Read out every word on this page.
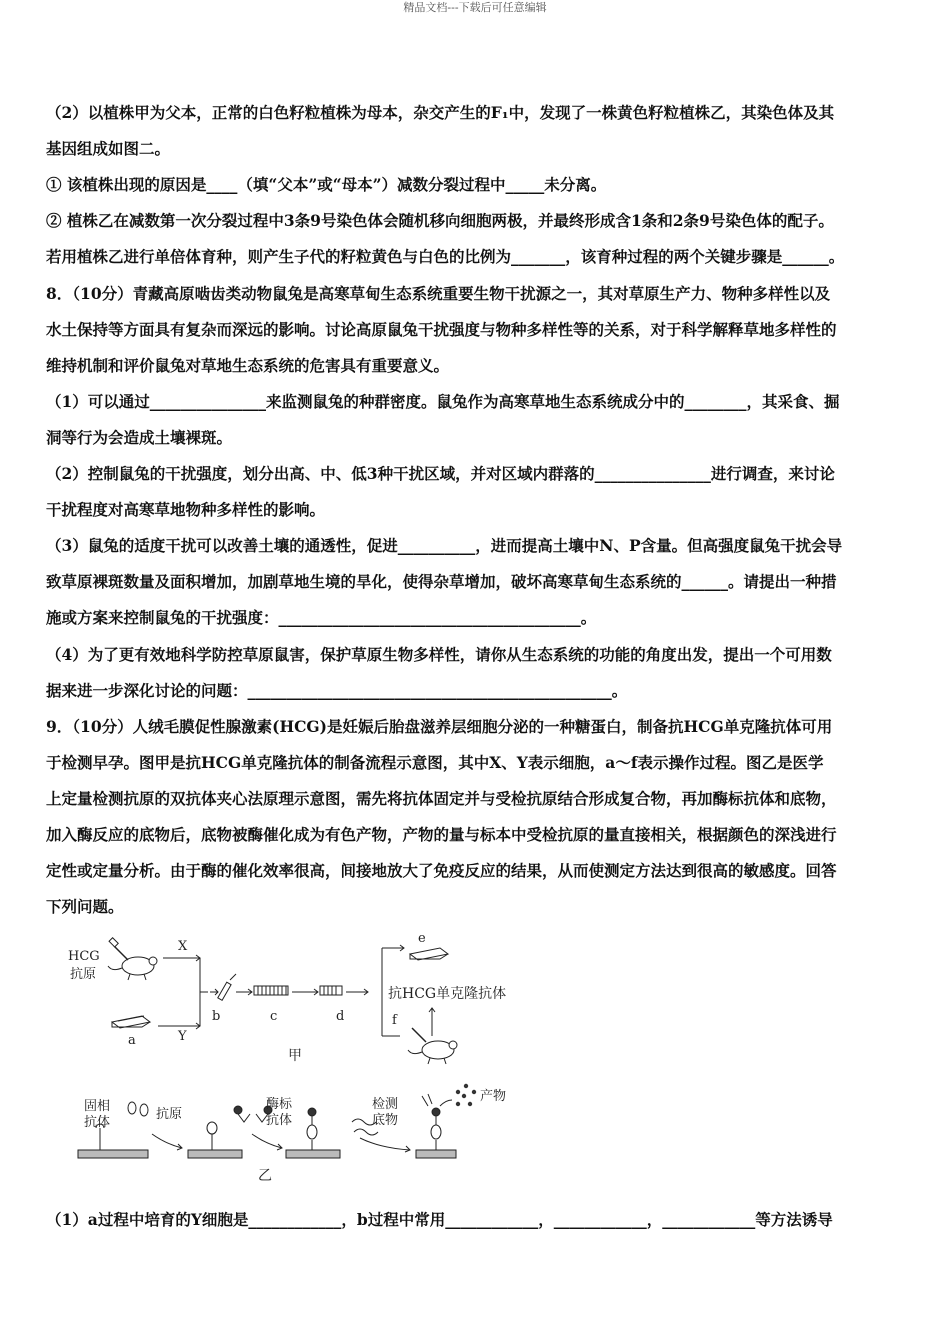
精品文档---下载后可任意编辑
（2）以植株甲为父本，正常的白色籽粒植株为母本，杂交产生的F₁中，发现了一株黄色籽粒植株乙，其染色体及其
基因组成如图二。
① 该植株出现的原因是____（填“父本”或“母本”）减数分裂过程中_____未分离。
② 植株乙在减数第一次分裂过程中3条9号染色体会随机移向细胞两极，并最终形成含1条和2条9号染色体的配子。
若用植株乙进行单倍体育种，则产生子代的籽粒黄色与白色的比例为_______，该育种过程的两个关键步骤是______。
8．（10分）青藏高原啮齿类动物鼠兔是高寒草甸生态系统重要生物干扰源之一，其对草原生产力、物种多样性以及
水土保持等方面具有复杂而深远的影响。讨论高原鼠兔干扰强度与物种多样性等的关系，对于科学解释草地多样性的
维持机制和评价鼠兔对草地生态系统的危害具有重要意义。
（1）可以通过_______________来监测鼠兔的种群密度。鼠兔作为高寒草地生态系统成分中的________，其采食、掘
洞等行为会造成土壤裸斑。
（2）控制鼠兔的干扰强度，划分出高、中、低3种干扰区域，并对区域内群落的_______________进行调查，来讨论
干扰程度对高寒草地物种多样性的影响。
（3）鼠兔的适度干扰可以改善土壤的通透性，促进__________，进而提高土壤中N、P含量。但高强度鼠兔干扰会导
致草原裸斑数量及面积增加，加剧草地生境的旱化，使得杂草增加，破坏高寒草甸生态系统的______。请提出一种措
施或方案来控制鼠兔的干扰强度：_______________________________________。
（4）为了更有效地科学防控草原鼠害，保护草原生物多样性，请你从生态系统的功能的角度出发，提出一个可用数
据来进一步深化讨论的问题：_______________________________________________。
9．（10分）人绒毛膜促性腺激素(HCG)是妊娠后胎盘滋养层细胞分泌的一种糖蛋白，制备抗HCG单克隆抗体可用
于检测早孕。图甲是抗HCG单克隆抗体的制备流程示意图，其中X、Y表示细胞，a～f表示操作过程。图乙是医学
上定量检测抗原的双抗体夹心法原理示意图，需先将抗体固定并与受检抗原结合形成复合物，再加酶标抗体和底物，
加入酶反应的底物后，底物被酶催化成为有色产物，产物的量与标本中受检抗原的量直接相关，根据颜色的深浅进行
定性或定量分析。由于酶的催化效率很高，间接地放大了免疫反应的结果，从而使测定方法达到很高的敏感度。回答
下列问题。
HCG
抗原
X
Y
a
b	c	d
e
f
抗HCG单克隆抗体
甲
固相
抗体
抗原
酶标
抗体
检测
底物
产物
乙
（1）a过程中培育的Y细胞是____________，b过程中常用____________，____________，____________等方法诱导
